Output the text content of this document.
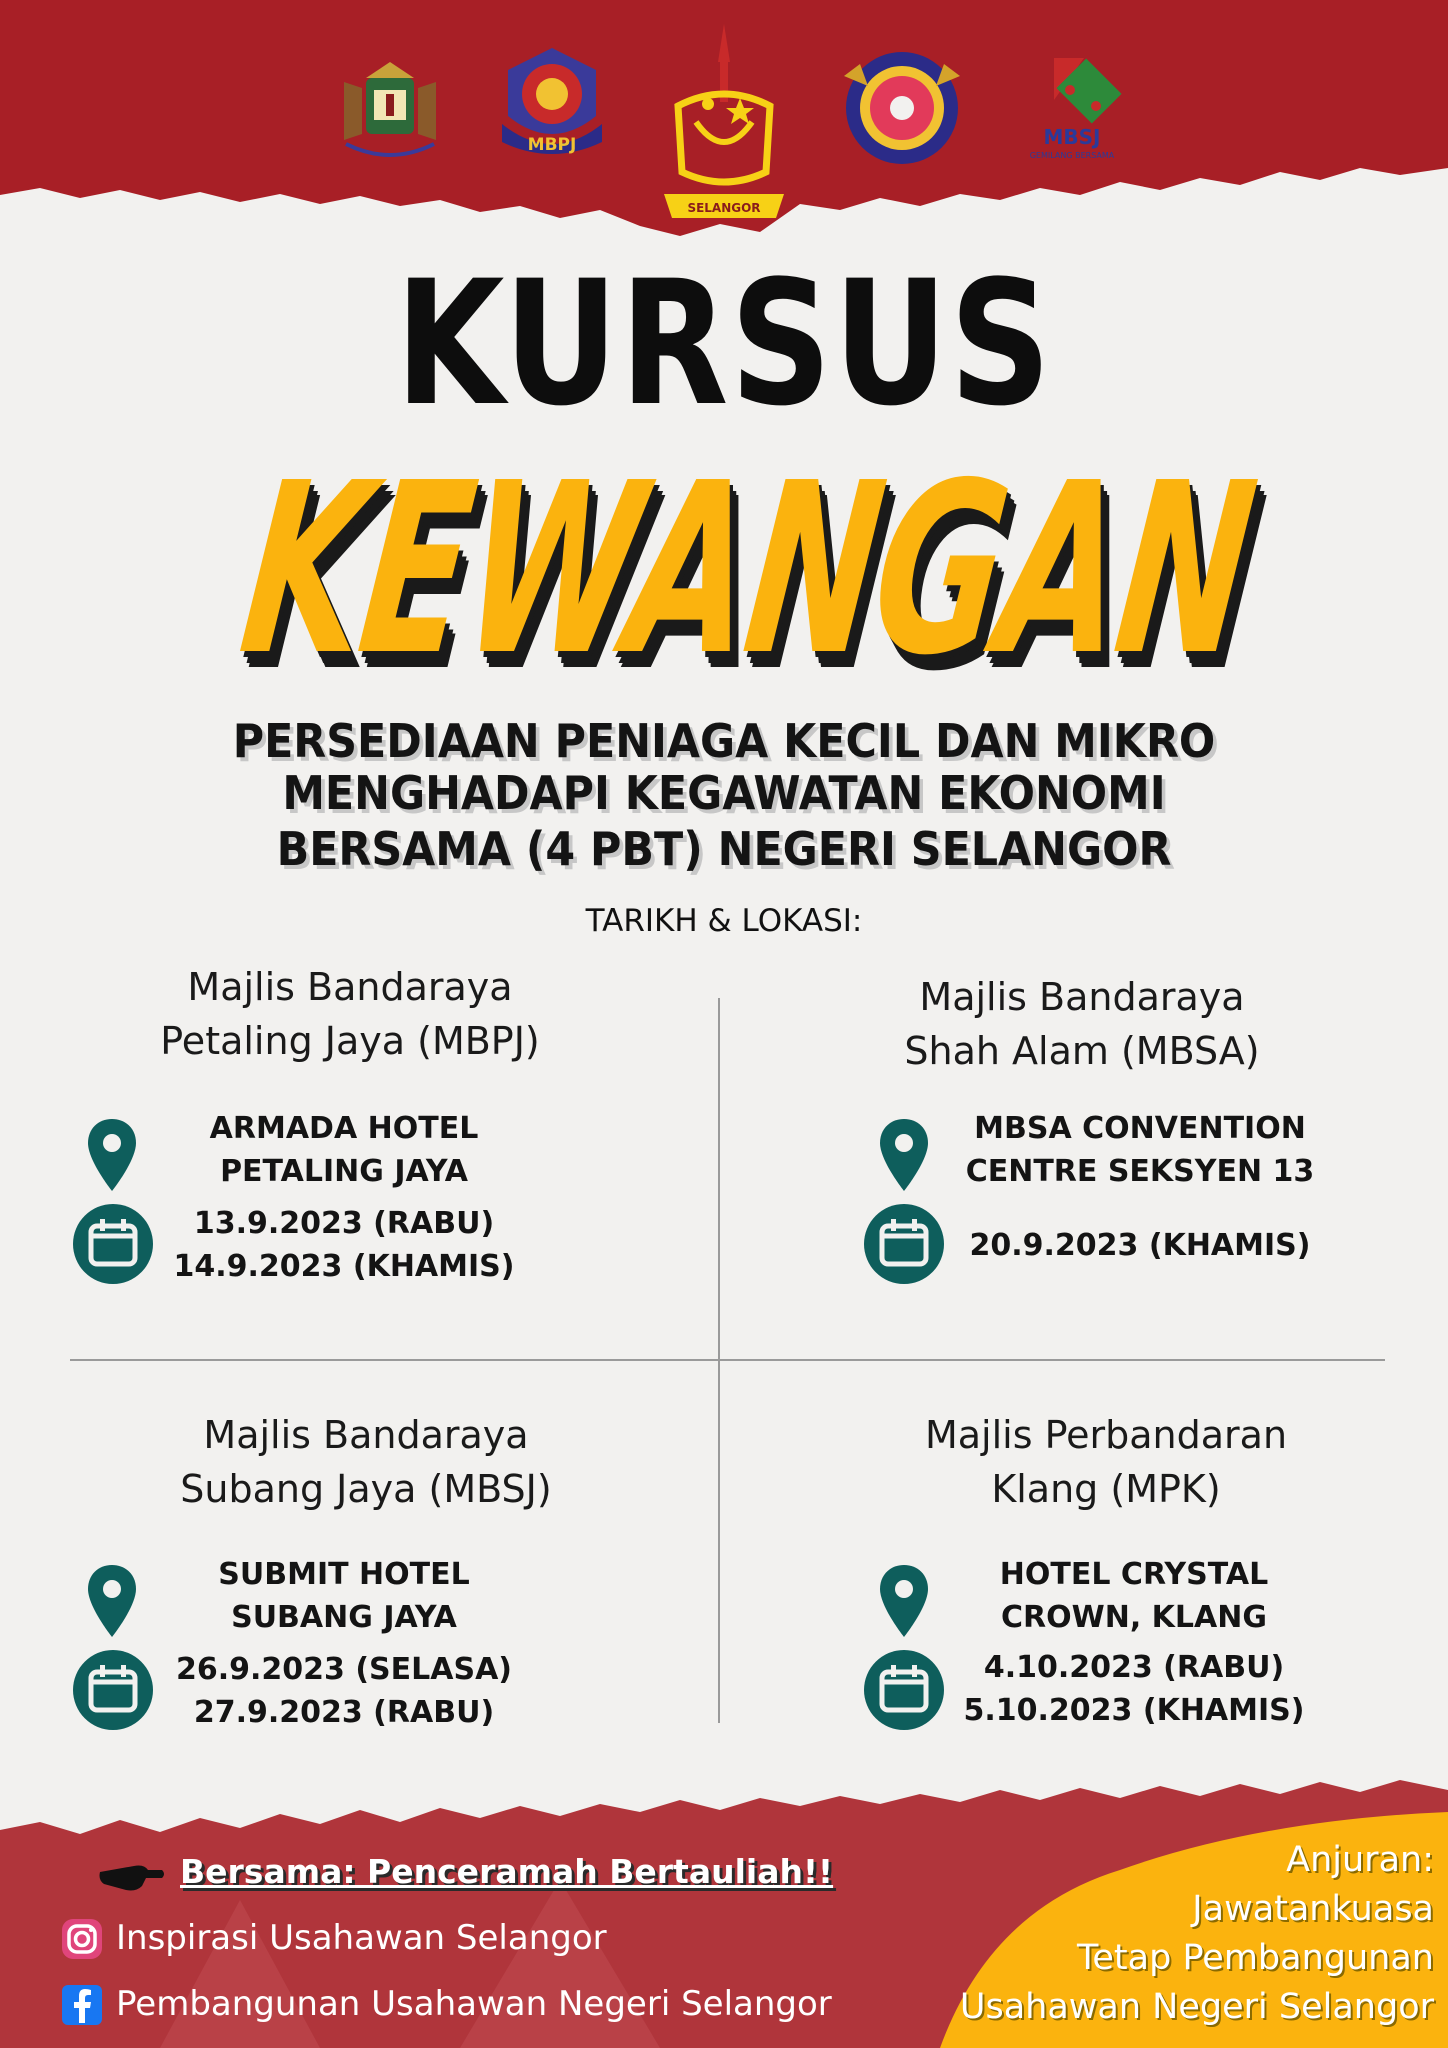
MBPJ
SELANGOR
MBSJ
GEMILANG BERSAMA
KURSUS
KEWANGAN
PERSEDIAAN PENIAGA KECIL DAN MIKRO
MENGHADAPI KEGAWATAN EKONOMI
BERSAMA (4 PBT) NEGERI SELANGOR
TARIKH & LOKASI:
Majlis Bandaraya
Petaling Jaya (MBPJ)
ARMADA HOTEL
PETALING JAYA
13.9.2023 (RABU)
14.9.2023 (KHAMIS)
Majlis Bandaraya
Shah Alam (MBSA)
MBSA CONVENTION
CENTRE SEKSYEN 13
20.9.2023 (KHAMIS)
Majlis Bandaraya
Subang Jaya (MBSJ)
SUBMIT HOTEL
SUBANG JAYA
26.9.2023 (SELASA)
27.9.2023 (RABU)
Majlis Perbandaran
Klang (MPK)
HOTEL CRYSTAL
CROWN, KLANG
4.10.2023 (RABU)
5.10.2023 (KHAMIS)
Bersama: Penceramah Bertauliah!!
Inspirasi Usahawan Selangor
Pembangunan Usahawan Negeri Selangor
Anjuran:
Jawatankuasa
Tetap Pembangunan
Usahawan Negeri Selangor
